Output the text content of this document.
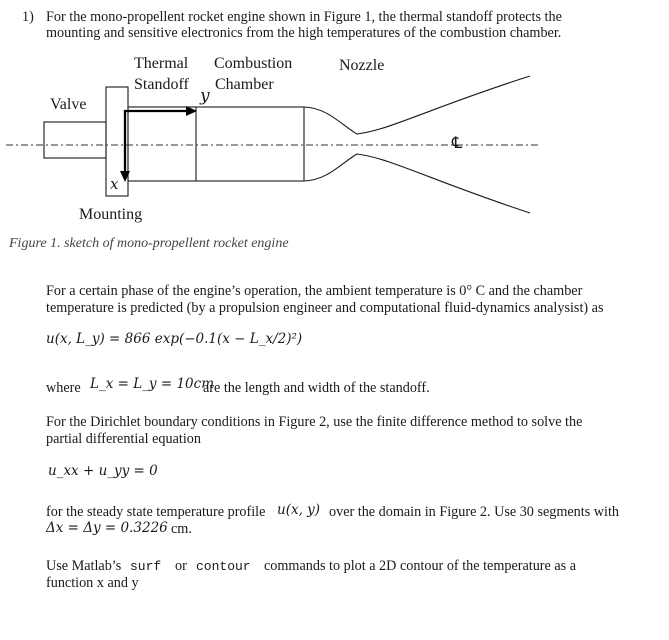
1) For the mono-propellent rocket engine shown in Figure 1, the thermal standoff protects the
mounting and sensitive electronics from the high temperatures of the combustion chamber.
Thermal
Standoff
Combustion
Chamber
Nozzle
Valve
Mounting
y
x
℄
Figure 1. sketch of mono-propellent rocket engine
For a certain phase of the engine’s operation, the ambient temperature is 0° C and the chamber
temperature is predicted (by a propulsion engineer and computational fluid-dynamics analysist) as
u(x, L_y) = 866 exp(−0.1(x − L_x/2)²)
where L_x = L_y = 10cm
are the length and width of the standoff.
For the Dirichlet boundary conditions in Figure 2, use the finite difference method to solve the
partial differential equation
u_xx + u_yy = 0
for the steady state temperature profile u(x, y) over the domain in Figure 2. Use 30 segments with
Δx = Δy = 0.3226 cm.
Use Matlab’s surf or contour commands to plot a 2D contour of the temperature as a
function x and y
